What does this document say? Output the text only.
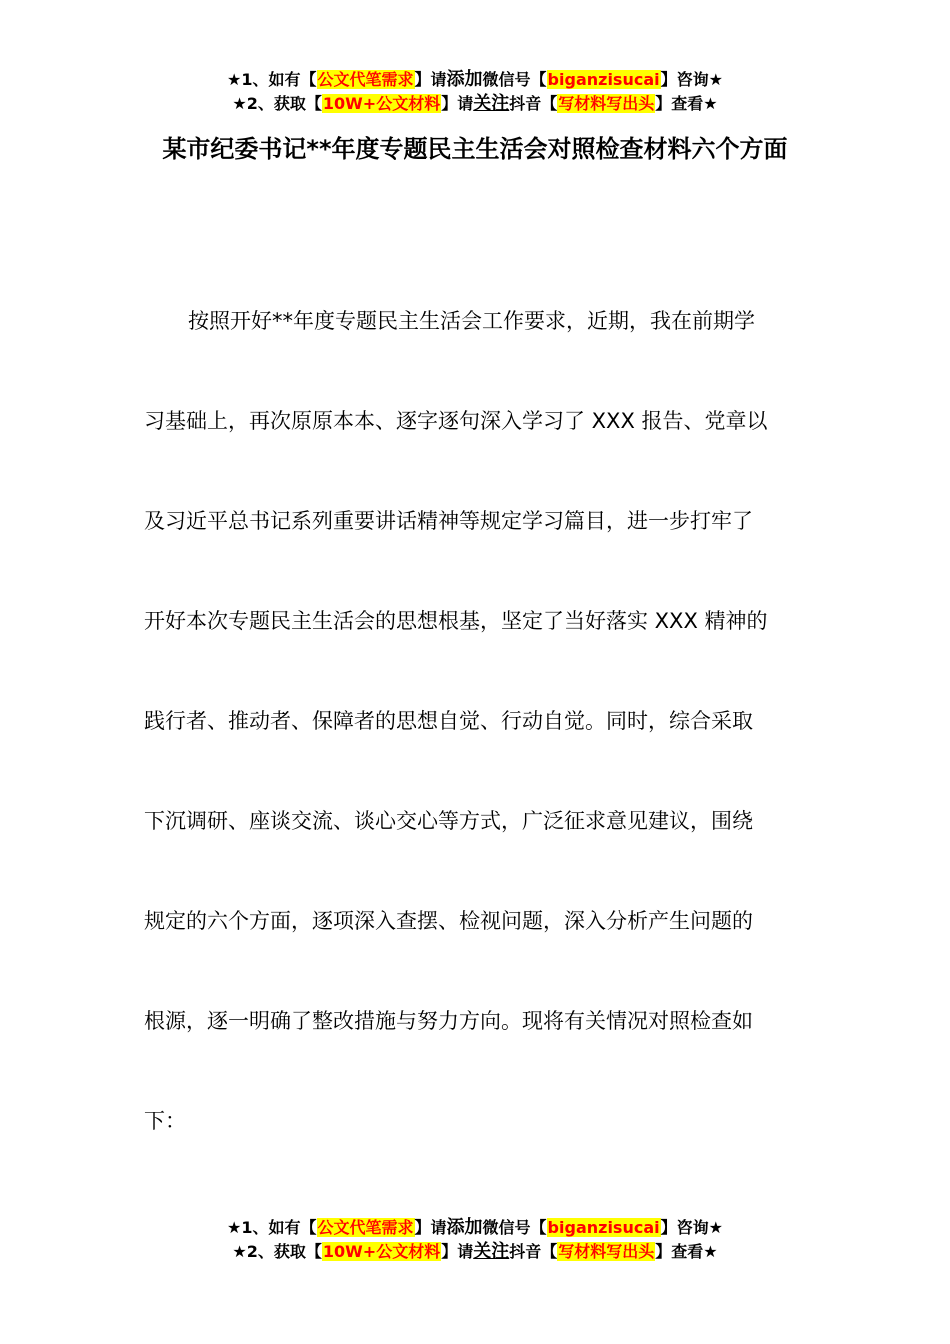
★1、如有【公文代笔需求】请添加微信号【biganzisucai】咨询★
★2、获取【10W+公文材料】请关注抖音【写材料写出头】查看★
某市纪委书记**年度专题民主生活会对照检查材料六个方面
按照开好**年度专题民主生活会工作要求，近期，我在前期学
习基础上，再次原原本本、逐字逐句深入学习了 XXX 报告、党章以
及习近平总书记系列重要讲话精神等规定学习篇目，进一步打牢了
开好本次专题民主生活会的思想根基，坚定了当好落实 XXX 精神的
践行者、推动者、保障者的思想自觉、行动自觉。同时，综合采取
下沉调研、座谈交流、谈心交心等方式，广泛征求意见建议，围绕
规定的六个方面，逐项深入查摆、检视问题，深入分析产生问题的
根源，逐一明确了整改措施与努力方向。现将有关情况对照检查如
下：
★1、如有【公文代笔需求】请添加微信号【biganzisucai】咨询★
★2、获取【10W+公文材料】请关注抖音【写材料写出头】查看★
